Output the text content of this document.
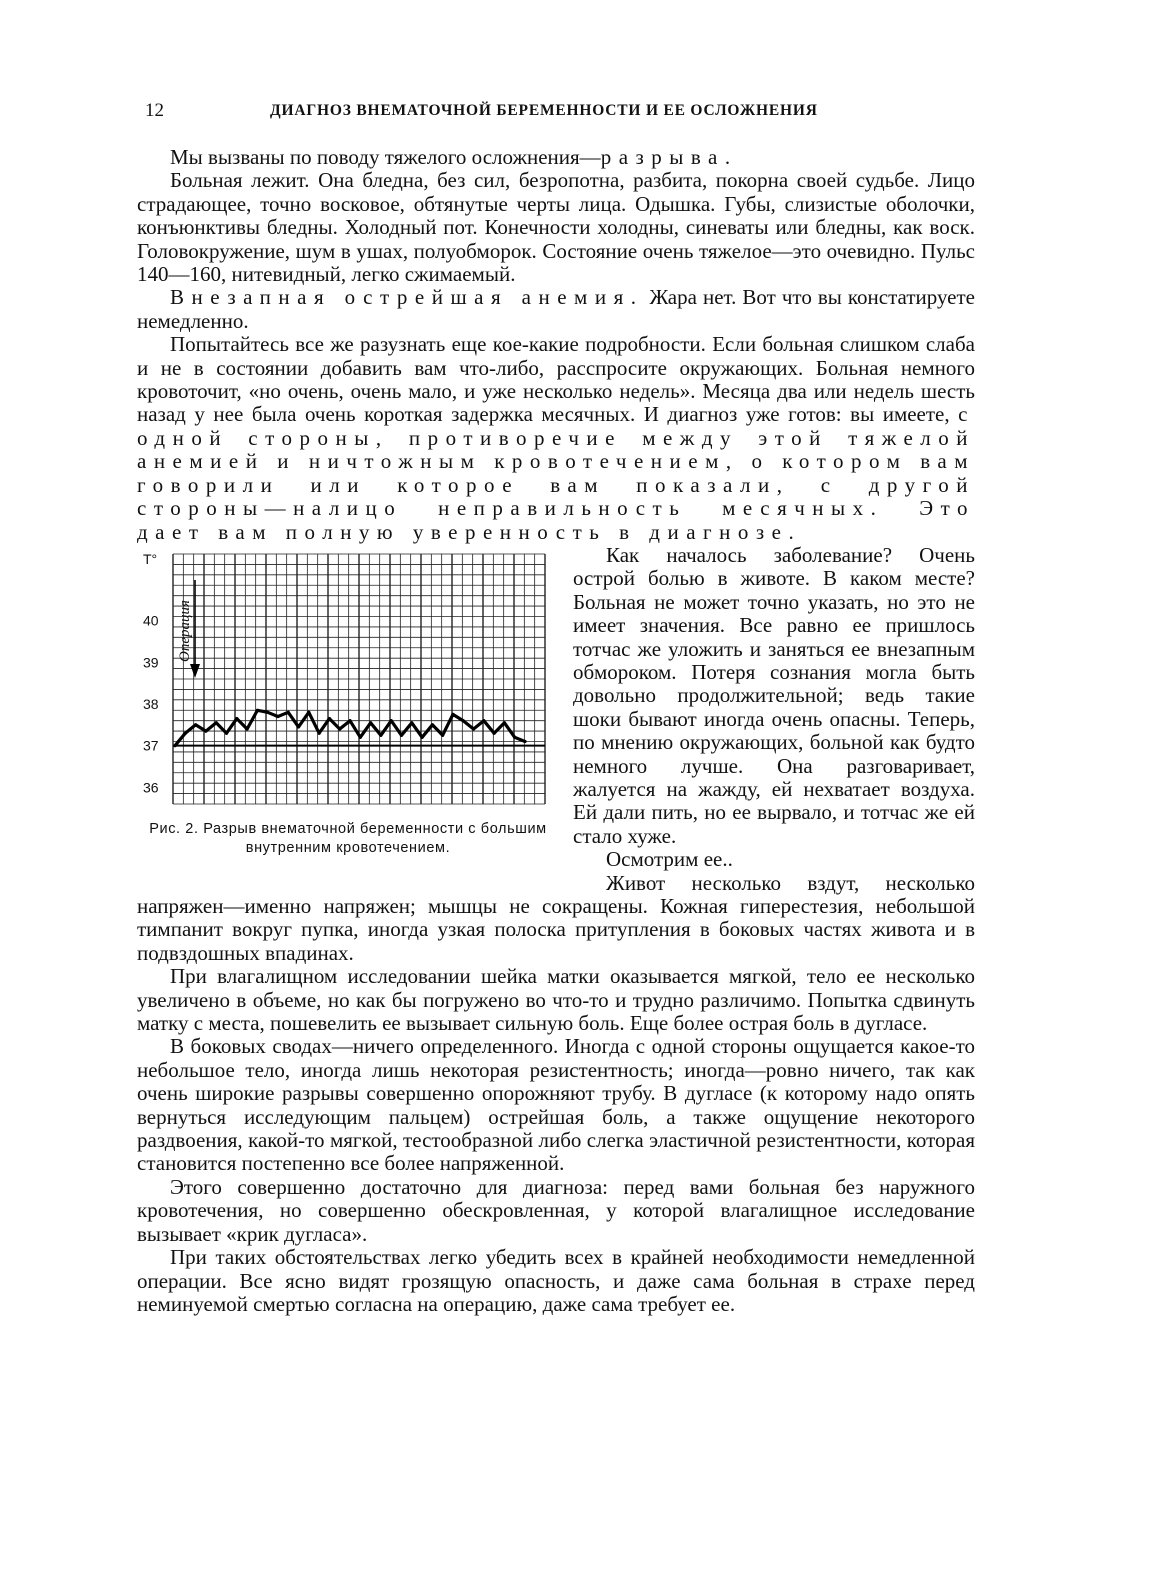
12	ДИАГНОЗ ВНЕМАТОЧНОЙ БЕРЕМЕННОСТИ И ЕЕ ОСЛОЖНЕНИЯ

Мы вызваны по поводу тяжелого осложнения—разрыва.

Больная лежит. Она бледна, без сил, безропотна, разбита, покорна своей судьбе. Лицо страдающее, точно восковое, обтянутые черты лица. Одышка. Губы, слизистые оболочки, конъюнктивы бледны. Холодный пот. Конечности холодны, синеваты или бледны, как воск. Головокружение, шум в ушах, полуобморок. Состояние очень тяжелое—это очевидно. Пульс 140—160, нитевидный, легко сжимаемый.

Внезапная острейшая анемия. Жара нет. Вот что вы констатируете немедленно.

Попытайтесь все же разузнать еще кое-какие подробности. Если больная слишком слаба и не в состоянии добавить вам что-либо, расспросите окружающих. Больная немного кровоточит, «но очень, очень мало, и уже несколько недель». Месяца два или недель шесть назад у нее была очень короткая задержка месячных. И диагноз уже готов: вы имеете, с одной стороны, противоречие между этой тяжелой анемией и ничтожным кровотечением, о котором вам говорили или которое вам показали, с другой стороны—налицо неправильность месячных. Это дает вам полную уверенность в диагнозе.

T°
40
39
38
37
36
Операция
Рис. 2. Разрыв внематочной беременности с большим внутренним кровотечением.

Как началось заболевание? Очень острой болью в животе. В каком месте? Больная не может точно указать, но это не имеет значения. Все равно ее пришлось тотчас же уложить и заняться ее внезапным обмороком. Потеря сознания могла быть довольно продолжительной; ведь такие шоки бывают иногда очень опасны. Теперь, по мнению окружающих, больной как будто немного лучше. Она разговаривает, жалуется на жажду, ей нехватает воздуха. Ей дали пить, но ее вырвало, и тотчас же ей стало хуже.

Осмотрим ее..

Живот несколько вздут, несколько напряжен—именно напряжен; мышцы не сокращены. Кожная гиперестезия, небольшой тимпанит вокруг пупка, иногда узкая полоска притупления в боковых частях живота и в подвздошных впадинах.

При влагалищном исследовании шейка матки оказывается мягкой, тело ее несколько увеличено в объеме, но как бы погружено во что-то и трудно различимо. Попытка сдвинуть матку с места, пошевелить ее вызывает сильную боль. Еще более острая боль в дугласе.

В боковых сводах—ничего определенного. Иногда с одной стороны ощущается какое-то небольшое тело, иногда лишь некоторая резистентность; иногда—ровно ничего, так как очень широкие разрывы совершенно опорожняют трубу. В дугласе (к которому надо опять вернуться исследующим пальцем) острейшая боль, а также ощущение некоторого раздвоения, какой-то мягкой, тестообразной либо слегка эластичной резистентности, которая становится постепенно все более напряженной.

Этого совершенно достаточно для диагноза: перед вами больная без наружного кровотечения, но совершенно обескровленная, у которой влагалищное исследование вызывает «крик дугласа».

При таких обстоятельствах легко убедить всех в крайней необходимости немедленной операции. Все ясно видят грозящую опасность, и даже сама больная в страхе перед неминуемой смертью согласна на операцию, даже сама требует ее.
